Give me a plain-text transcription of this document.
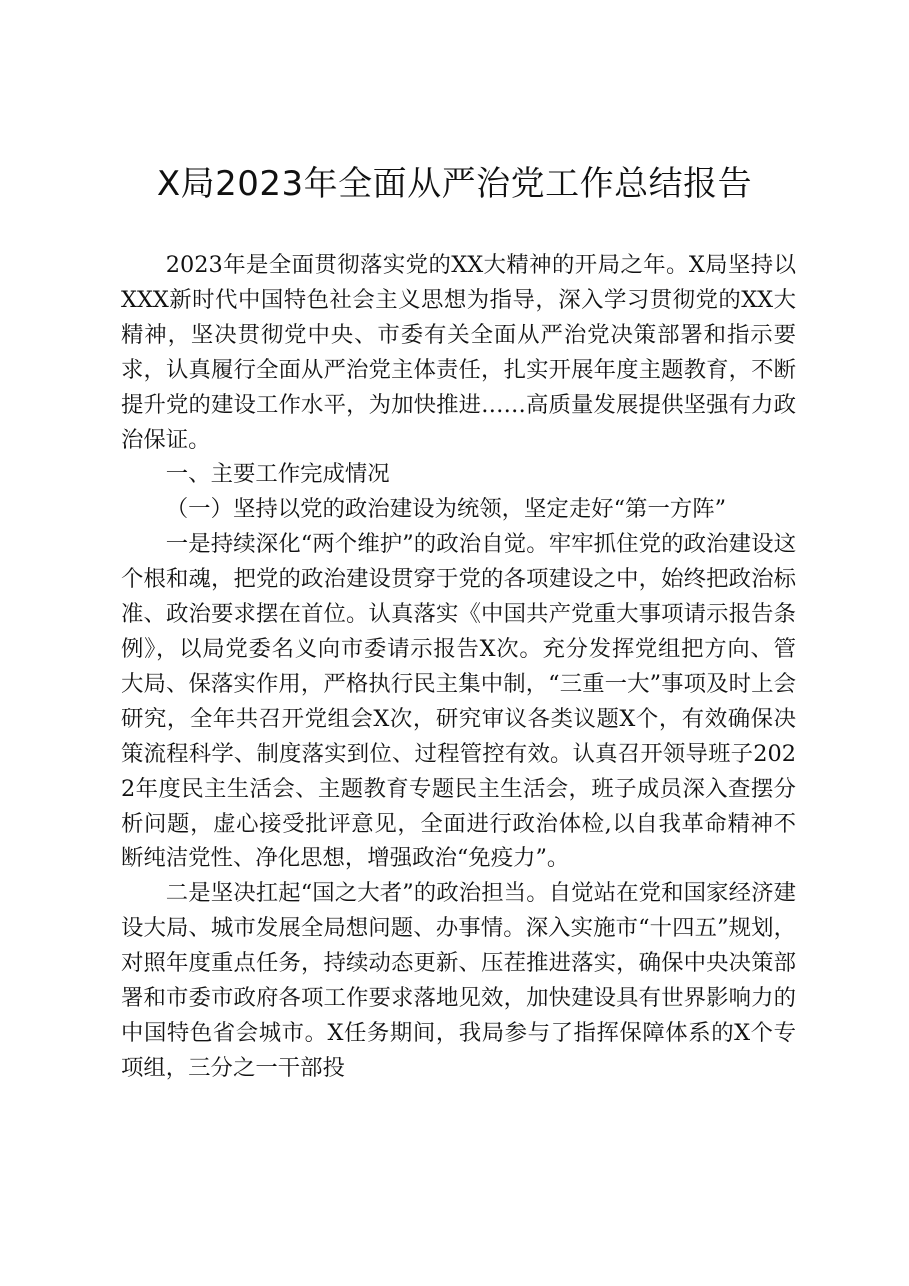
X局2023年全面从严治党工作总结报告

2023年是全面贯彻落实党的XX大精神的开局之年。X局坚持以XXX新时代中国特色社会主义思想为指导，深入学习贯彻党的XX大精神，坚决贯彻党中央、市委有关全面从严治党决策部署和指示要求，认真履行全面从严治党主体责任，扎实开展年度主题教育，不断提升党的建设工作水平，为加快推进……高质量发展提供坚强有力政治保证。

一、主要工作完成情况

（一）坚持以党的政治建设为统领，坚定走好“第一方阵”

一是持续深化“两个维护”的政治自觉。牢牢抓住党的政治建设这个根和魂，把党的政治建设贯穿于党的各项建设之中，始终把政治标准、政治要求摆在首位。认真落实《中国共产党重大事项请示报告条例》，以局党委名义向市委请示报告X次。充分发挥党组把方向、管大局、保落实作用，严格执行民主集中制，“三重一大”事项及时上会研究，全年共召开党组会X次，研究审议各类议题X个，有效确保决策流程科学、制度落实到位、过程管控有效。认真召开领导班子2022年度民主生活会、主题教育专题民主生活会，班子成员深入查摆分析问题，虚心接受批评意见，全面进行政治体检,以自我革命精神不断纯洁党性、净化思想，增强政治“免疫力”。

二是坚决扛起“国之大者”的政治担当。自觉站在党和国家经济建设大局、城市发展全局想问题、办事情。深入实施市“十四五”规划，对照年度重点任务，持续动态更新、压茬推进落实，确保中央决策部署和市委市政府各项工作要求落地见效，加快建设具有世界影响力的中国特色省会城市。X任务期间，我局参与了指挥保障体系的X个专项组，三分之一干部投
